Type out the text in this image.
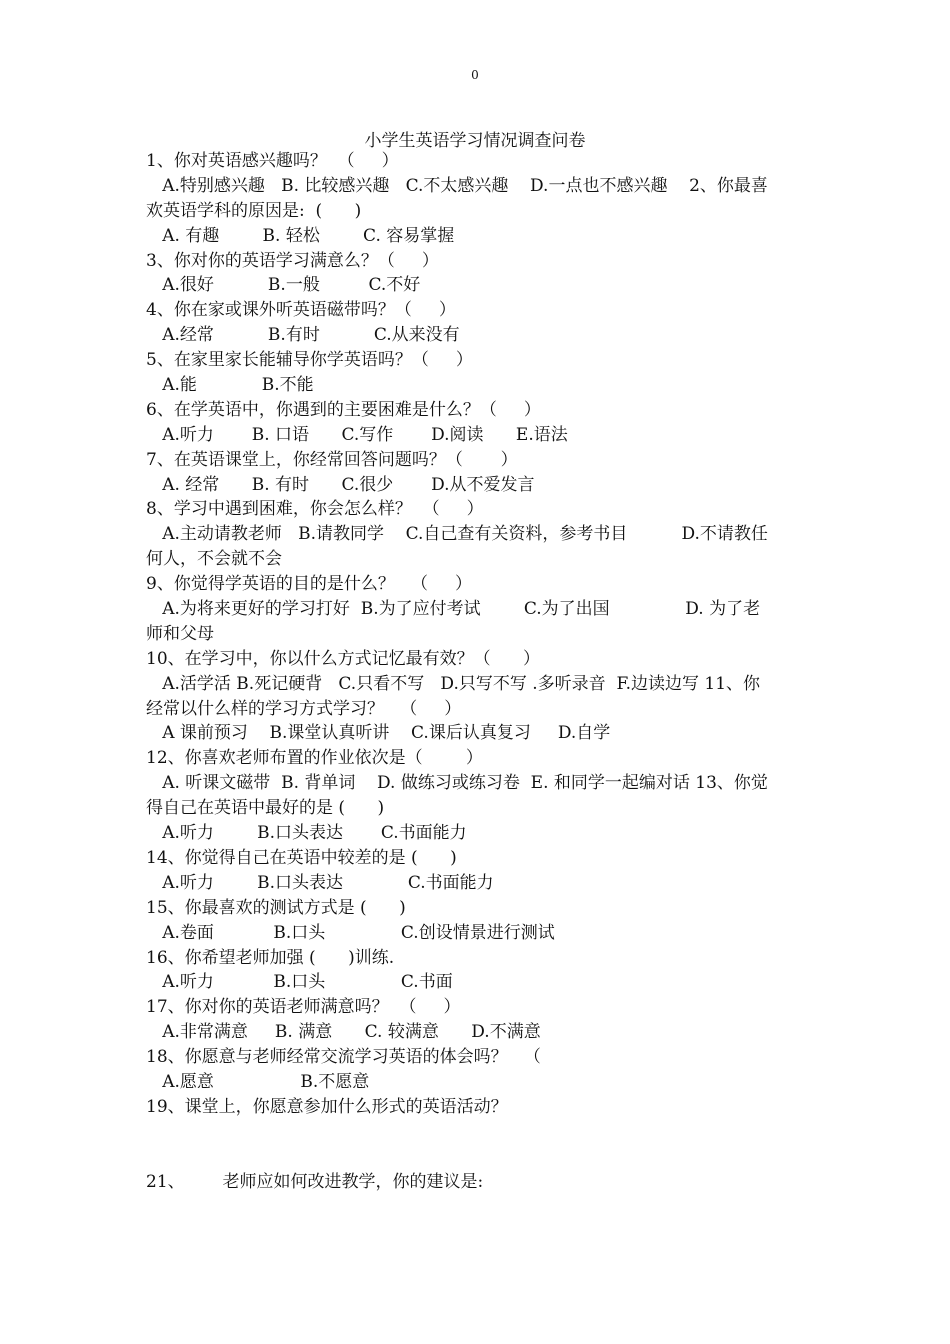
0
小学生英语学习情况调查问卷
1、你对英语感兴趣吗？  （     ）
A.特别感兴趣   B. 比较感兴趣   C.不太感兴趣    D.一点也不感兴趣    2、你最喜
欢英语学科的原因是:  (      )
A. 有趣        B. 轻松        C. 容易掌握
3、你对你的英语学习满意么？（     ）
A.很好          B.一般         C.不好
4、你在家或课外听英语磁带吗？（     ）
A.经常          B.有时          C.从来没有
5、在家里家长能辅导你学英语吗？（     ）
A.能            B.不能
6、在学英语中，你遇到的主要困难是什么？（     ）
A.听力       B. 口语      C.写作       D.阅读      E.语法
7、在英语课堂上，你经常回答问题吗？（       ）
A. 经常      B. 有时      C.很少       D.从不爱发言
8、学习中遇到困难，你会怎么样？  （     ）
A.主动请教老师   B.请教同学    C.自己查有关资料，参考书目          D.不请教任
何人，不会就不会
9、你觉得学英语的目的是什么？   （     ）
A.为将来更好的学习打好  B.为了应付考试        C.为了出国              D. 为了老
师和父母
10、在学习中，你以什么方式记忆最有效？（      ）
A.活学活 B.死记硬背   C.只看不写   D.只写不写 .多听录音  F.边读边写 11、你
经常以什么样的学习方式学习？   （     ）
A 课前预习    B.课堂认真听讲    C.课后认真复习     D.自学
12、你喜欢老师布置的作业依次是（        ）
A. 听课文磁带  B. 背单词    D. 做练习或练习卷  E. 和同学一起编对话 13、你觉
得自己在英语中最好的是 (      )
A.听力        B.口头表达       C.书面能力
14、你觉得自己在英语中较差的是 (      )
A.听力        B.口头表达            C.书面能力
15、你最喜欢的测试方式是 (      )
A.卷面           B.口头              C.创设情景进行测试
16、你希望老师加强 (      )训练.
A.听力           B.口头              C.书面
17、你对你的英语老师满意吗？  （     ）
A.非常满意     B. 满意      C. 较满意      D.不满意
18、你愿意与老师经常交流学习英语的体会吗？   （
A.愿意                B.不愿意
19、课堂上，你愿意参加什么形式的英语活动？
21、       老师应如何改进教学，你的建议是:
